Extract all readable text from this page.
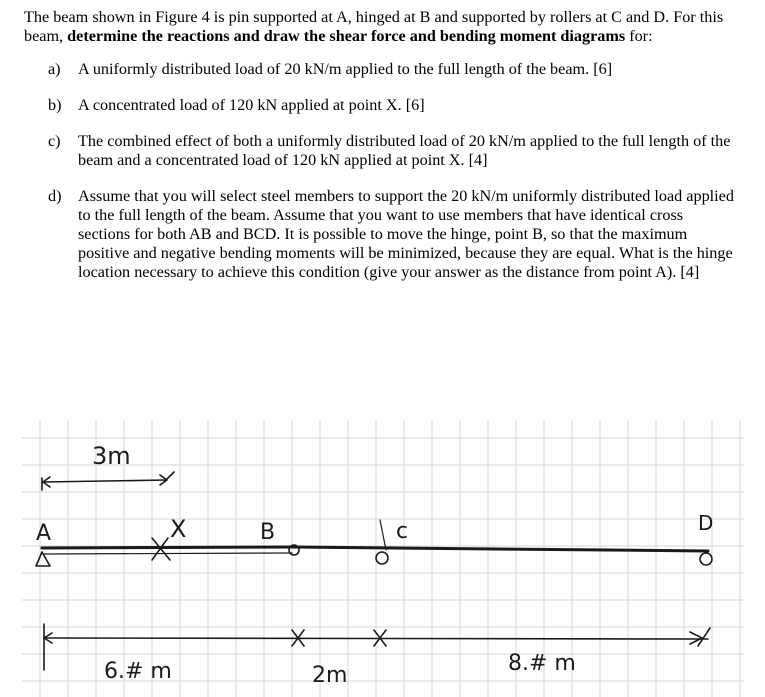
The beam shown in Figure 4 is pin supported at A, hinged at B and supported by rollers at C and D. For this beam, determine the reactions and draw the shear force and bending moment diagrams for:

a)	A uniformly distributed load of 20 kN/m applied to the full length of the beam. [6]
b)	A concentrated load of 120 kN applied at point X. [6]
c)	The combined effect of both a uniformly distributed load of 20 kN/m applied to the full length of the beam and a concentrated load of 120 kN applied at point X. [4]
d)	Assume that you will select steel members to support the 20 kN/m uniformly distributed load applied to the full length of the beam. Assume that you want to use members that have identical cross sections for both AB and BCD. It is possible to move the hinge, point B, so that the maximum positive and negative bending moments will be minimized, because they are equal. What is the hinge location necessary to achieve this condition (give your answer as the distance from point A). [4]
3m
A	X	B	c	D
6.# m	2m	8.# m
